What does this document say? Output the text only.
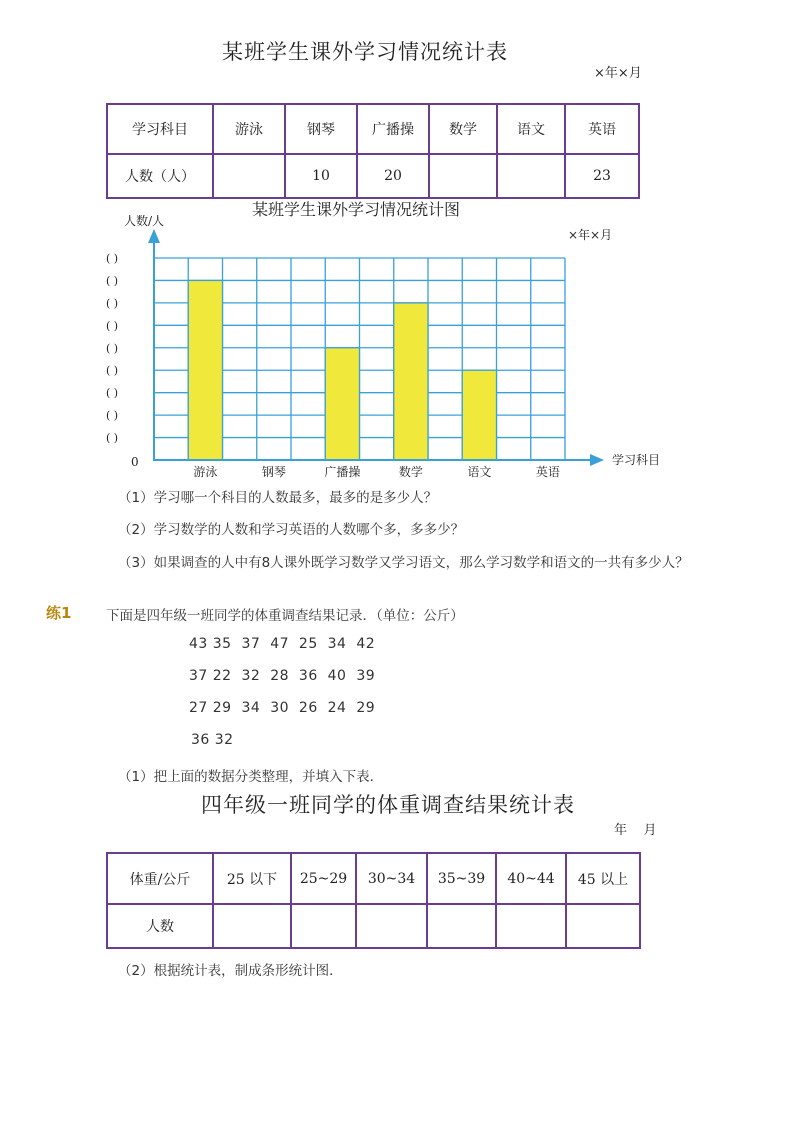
某班学生课外学习情况统计表
×年×月
学习科目	游泳	钢琴	广播操	数学	语文	英语
人数（人）		10	20			23
某班学生课外学习情况统计图
×年×月
人数/人
学习科目
0
( )
( )
( )
( )
( )
( )
( )
( )
( )
游泳	钢琴	广播操	数学	语文	英语
（1）学习哪一个科目的人数最多，最多的是多少人？
（2）学习数学的人数和学习英语的人数哪个多，多多少？
（3）如果调查的人中有8人课外既学习数学又学习语文，那么学习数学和语文的一共有多少人？
练1	下面是四年级一班同学的体重调查结果记录．（单位：公斤）
43 35  37  47  25  34  42
37 22  32  28  36  40  39
27 29  34  30  26  24  29
36 32
（1）把上面的数据分类整理，并填入下表．
四年级一班同学的体重调查结果统计表
年    月
体重/公斤	25 以下	25~29	30~34	35~39	40~44	45 以上
人数						
（2）根据统计表，制成条形统计图．
